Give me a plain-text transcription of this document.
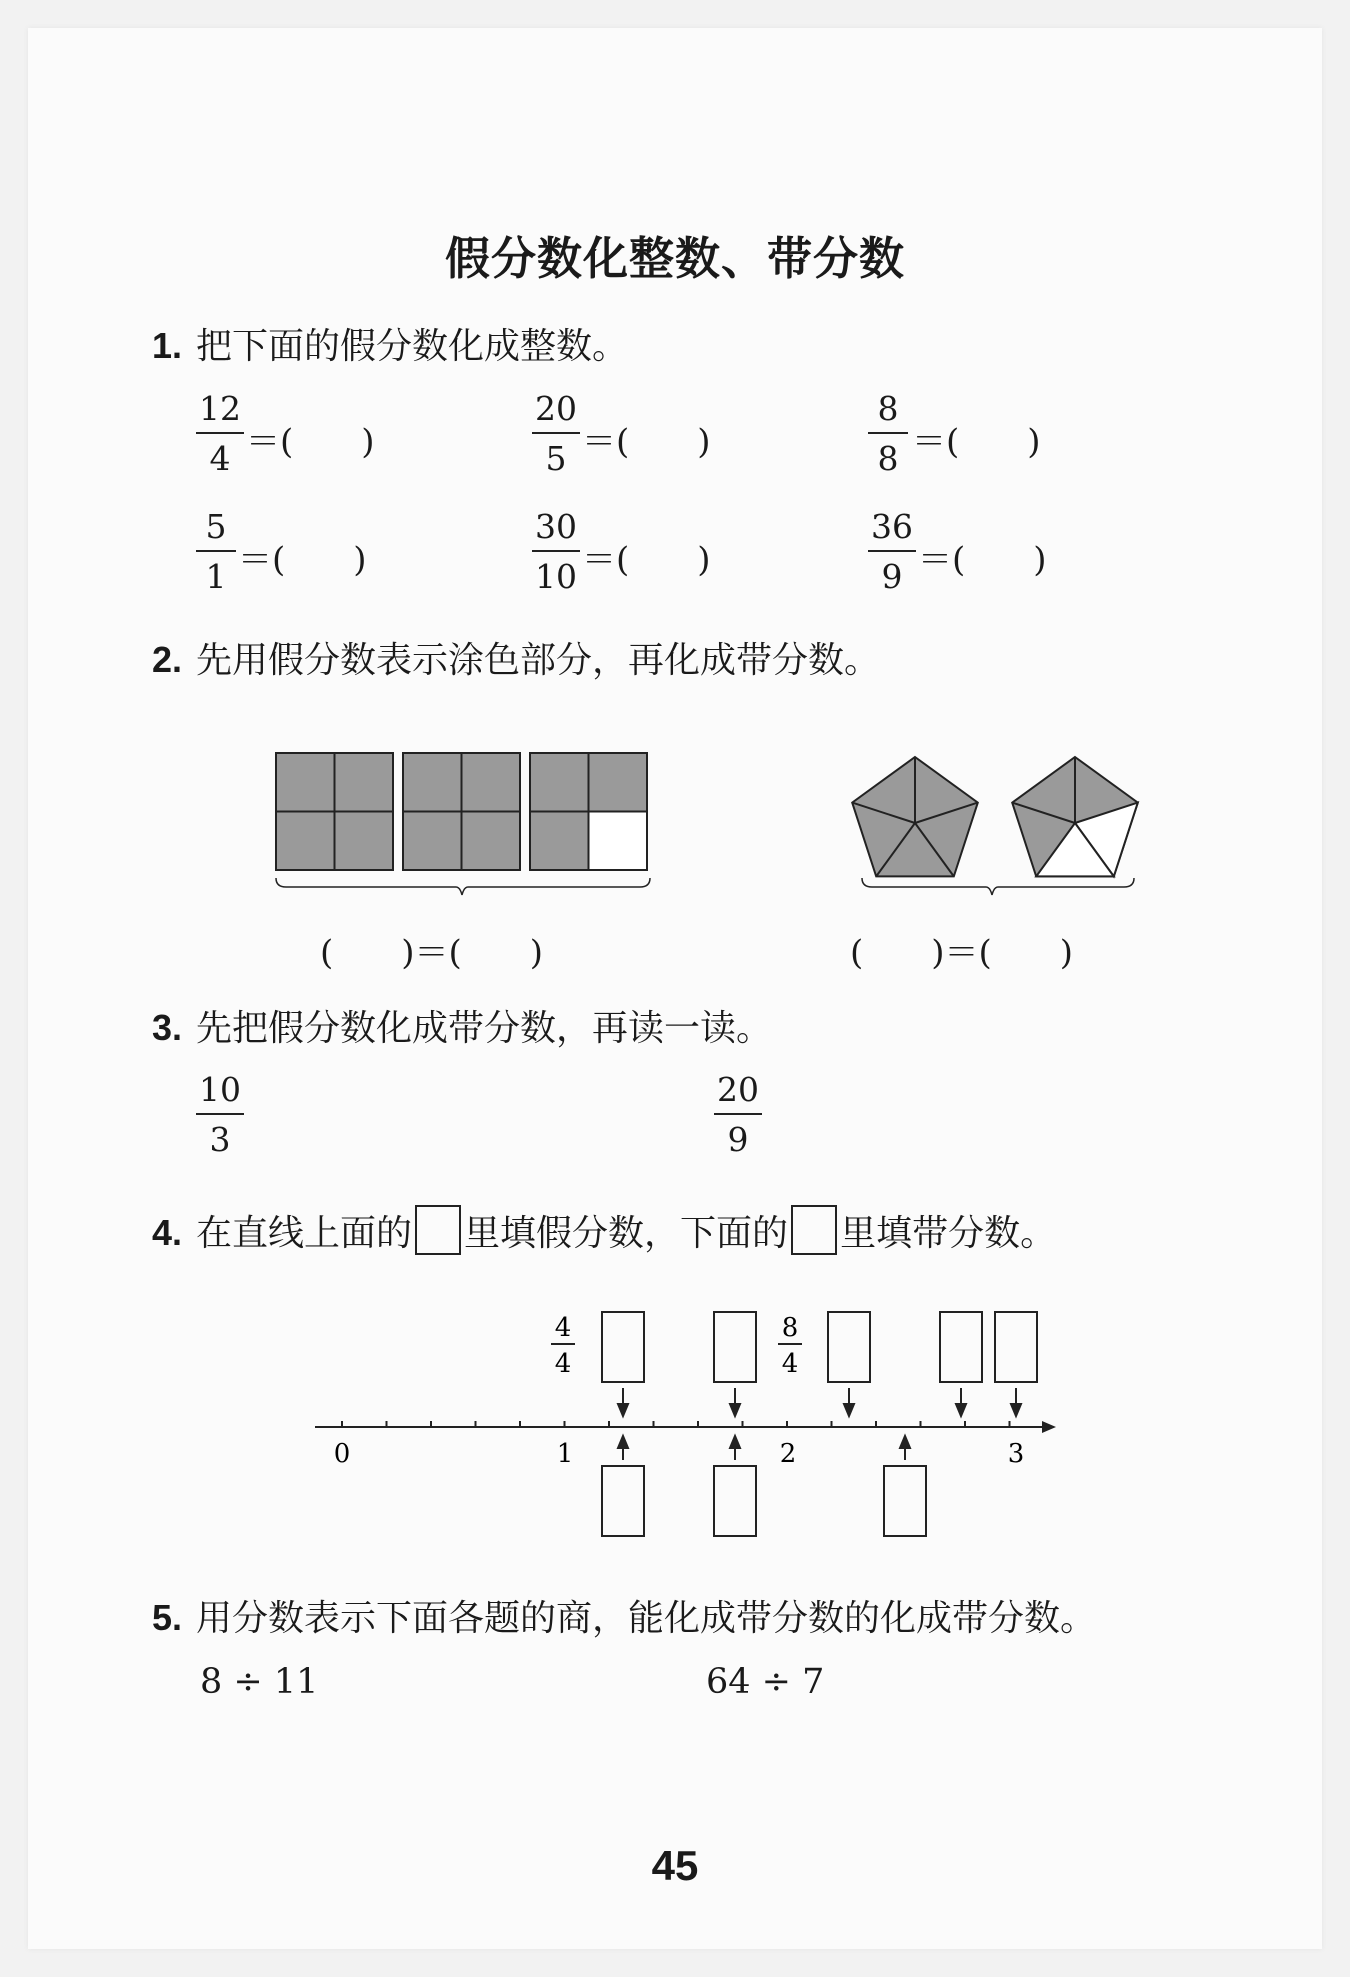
假分数化整数、带分数
1. 把下面的假分数化成整数。
$\frac{12}{4}$ ＝(　　)	$\frac{20}{5}$ ＝(　　)	$\frac{8}{8}$ ＝(　　)
$\frac{5}{1}$ ＝(　　)	$\frac{30}{10}$ ＝(　　)	$\frac{36}{9}$ ＝(　　)
2. 先用假分数表示涂色部分，再化成带分数。
(　　)＝(　　)	(　　)＝(　　)
3. 先把假分数化成带分数，再读一读。
$\frac{10}{3}$	$\frac{20}{9}$
4. 在直线上面的 里填假分数，下面的 里填带分数。
0	1	2	3
4
4
8
4
5. 用分数表示下面各题的商，能化成带分数的化成带分数。
8 ÷ 11	64 ÷ 7
45
